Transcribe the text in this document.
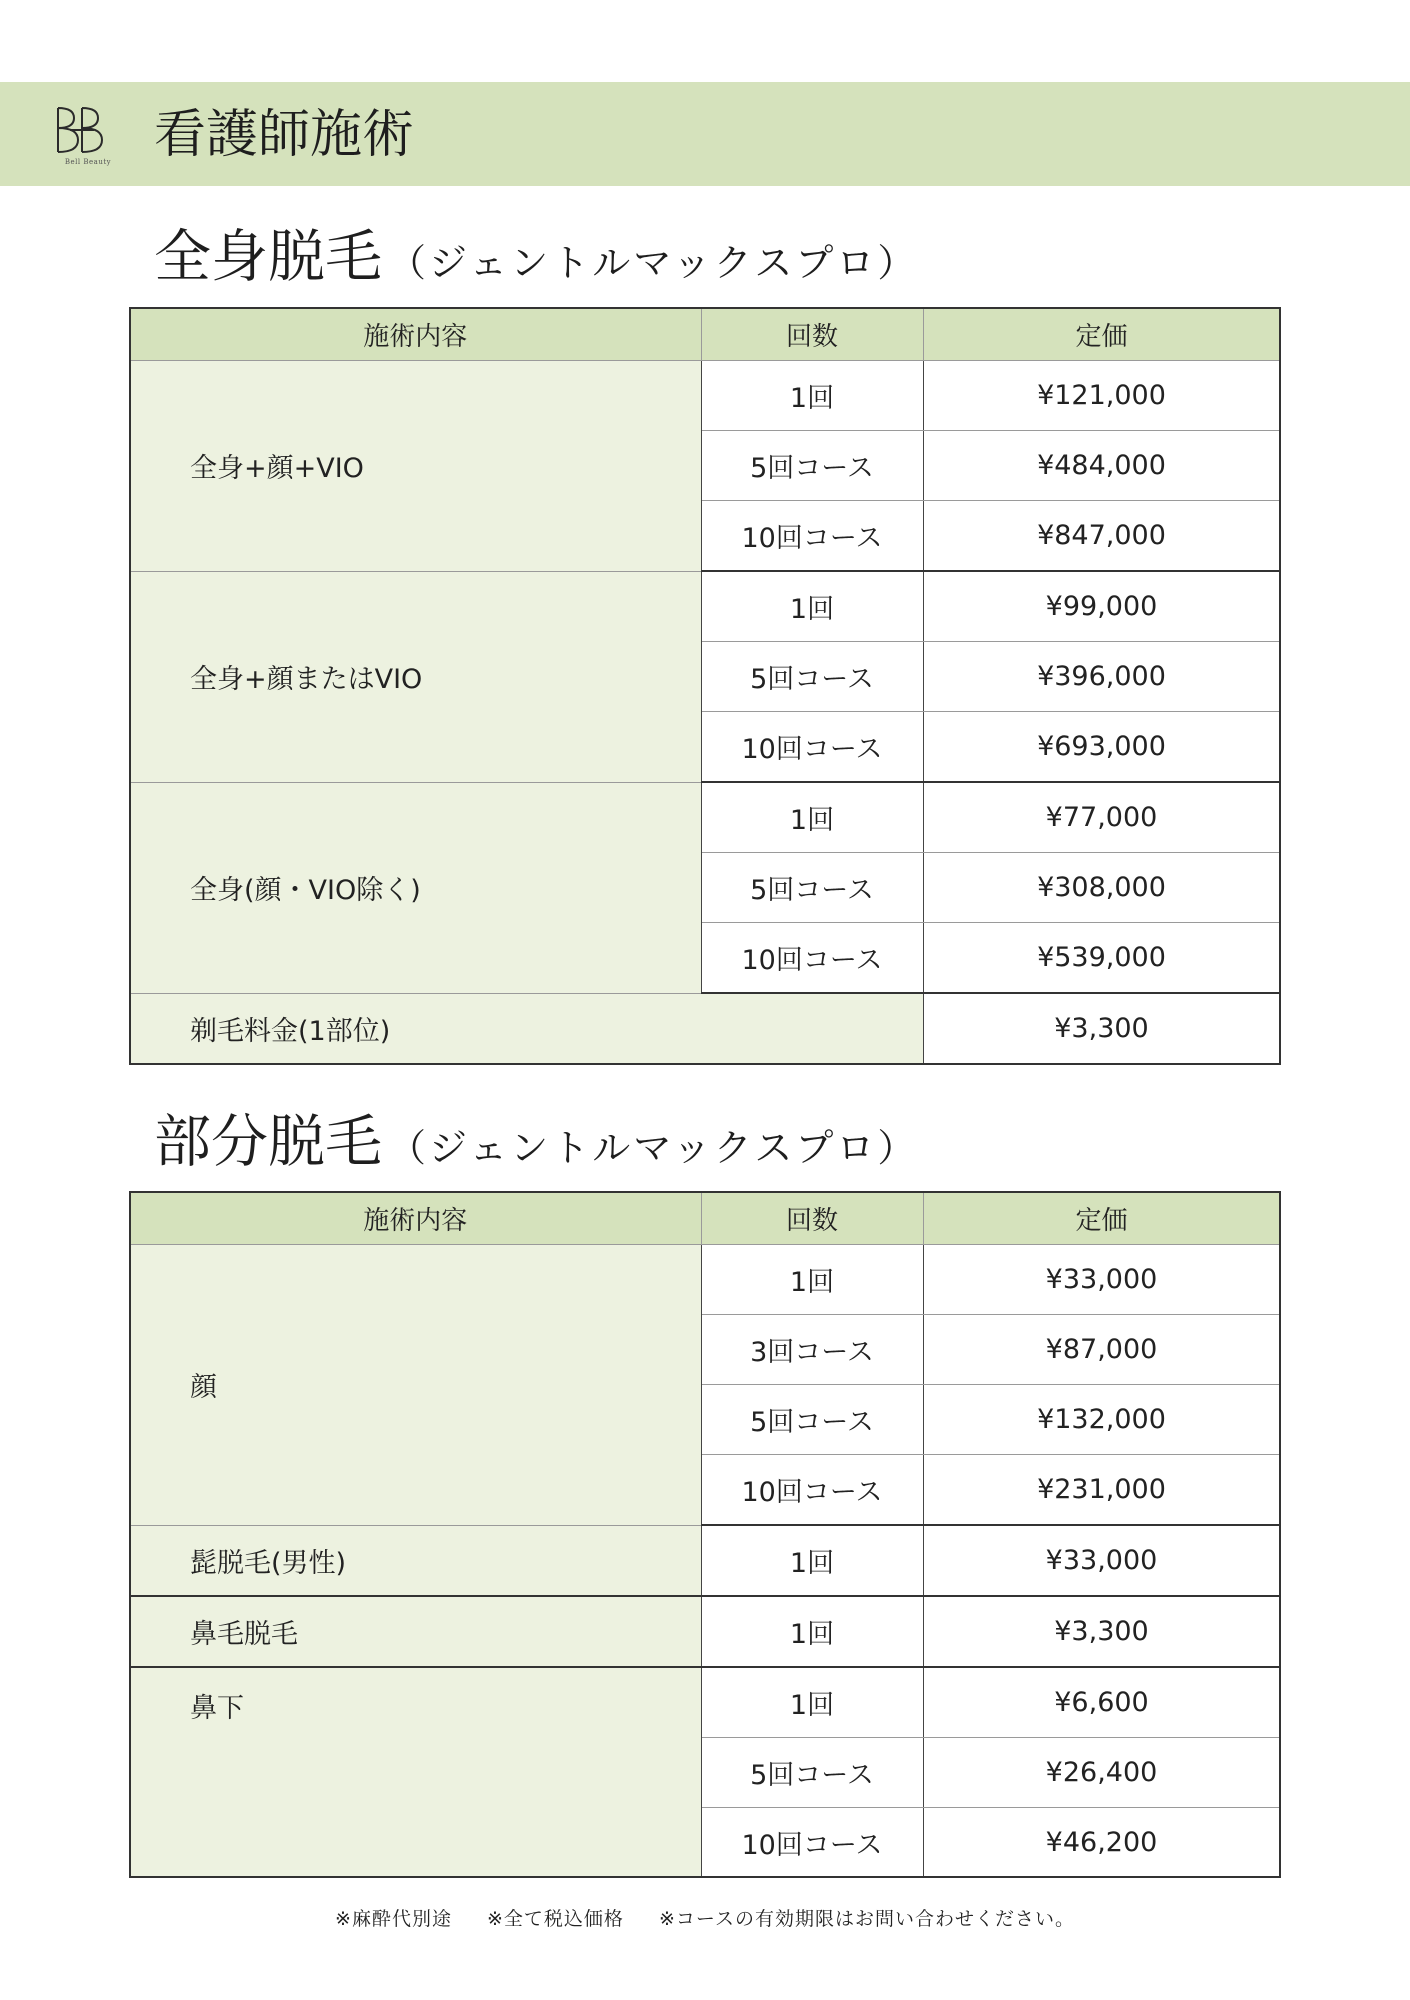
Bell Beauty 看護師施術
全身脱毛 （ジェントルマックスプロ）
施術内容	回数	定価
全身+顔+VIO	1回	¥121,000
	5回コース	¥484,000
	10回コース	¥847,000
全身+顔またはVIO	1回	¥99,000
	5回コース	¥396,000
	10回コース	¥693,000
全身(顔・VIO除く)	1回	¥77,000
	5回コース	¥308,000
	10回コース	¥539,000
剃毛料金(1部位)		¥3,300
部分脱毛 （ジェントルマックスプロ）
施術内容	回数	定価
顔	1回	¥33,000
	3回コース	¥87,000
	5回コース	¥132,000
	10回コース	¥231,000
髭脱毛(男性)	1回	¥33,000
鼻毛脱毛	1回	¥3,300
鼻下	1回	¥6,600
	5回コース	¥26,400
	10回コース	¥46,200
※麻酔代別途 ※全て税込価格 ※コースの有効期限はお問い合わせください。
